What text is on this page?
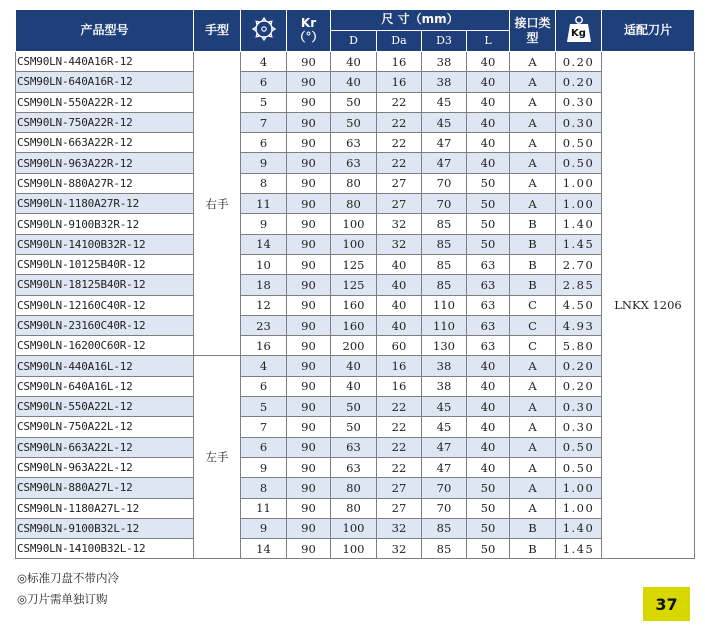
产品型号	手型		Kr
（°）	尺 寸（mm）				接口类型	Kg	适配刀片
				D	Da	D3	L			
CSM90LN-440A16R-12	右手	4	90	40	16	38	40	A	0.20	LNKX 1206
CSM90LN-640A16R-12		6	90	40	16	38	40	A	0.20	
CSM90LN-550A22R-12		5	90	50	22	45	40	A	0.30	
CSM90LN-750A22R-12		7	90	50	22	45	40	A	0.30	
CSM90LN-663A22R-12		6	90	63	22	47	40	A	0.50	
CSM90LN-963A22R-12		9	90	63	22	47	40	A	0.50	
CSM90LN-880A27R-12		8	90	80	27	70	50	A	1.00	
CSM90LN-1180A27R-12		11	90	80	27	70	50	A	1.00	
CSM90LN-9100B32R-12		9	90	100	32	85	50	B	1.40	
CSM90LN-14100B32R-12		14	90	100	32	85	50	B	1.45	
CSM90LN-10125B40R-12		10	90	125	40	85	63	B	2.70	
CSM90LN-18125B40R-12		18	90	125	40	85	63	B	2.85	
CSM90LN-12160C40R-12		12	90	160	40	110	63	C	4.50	
CSM90LN-23160C40R-12		23	90	160	40	110	63	C	4.93	
CSM90LN-16200C60R-12		16	90	200	60	130	63	C	5.80	
CSM90LN-440A16L-12	左手	4	90	40	16	38	40	A	0.20	
CSM90LN-640A16L-12		6	90	40	16	38	40	A	0.20	
CSM90LN-550A22L-12		5	90	50	22	45	40	A	0.30	
CSM90LN-750A22L-12		7	90	50	22	45	40	A	0.30	
CSM90LN-663A22L-12		6	90	63	22	47	40	A	0.50	
CSM90LN-963A22L-12		9	90	63	22	47	40	A	0.50	
CSM90LN-880A27L-12		8	90	80	27	70	50	A	1.00	
CSM90LN-1180A27L-12		11	90	80	27	70	50	A	1.00	
CSM90LN-9100B32L-12		9	90	100	32	85	50	B	1.40	
CSM90LN-14100B32L-12		14	90	100	32	85	50	B	1.45	
◎标准刀盘不带内冷
◎刀片需单独订购	37
